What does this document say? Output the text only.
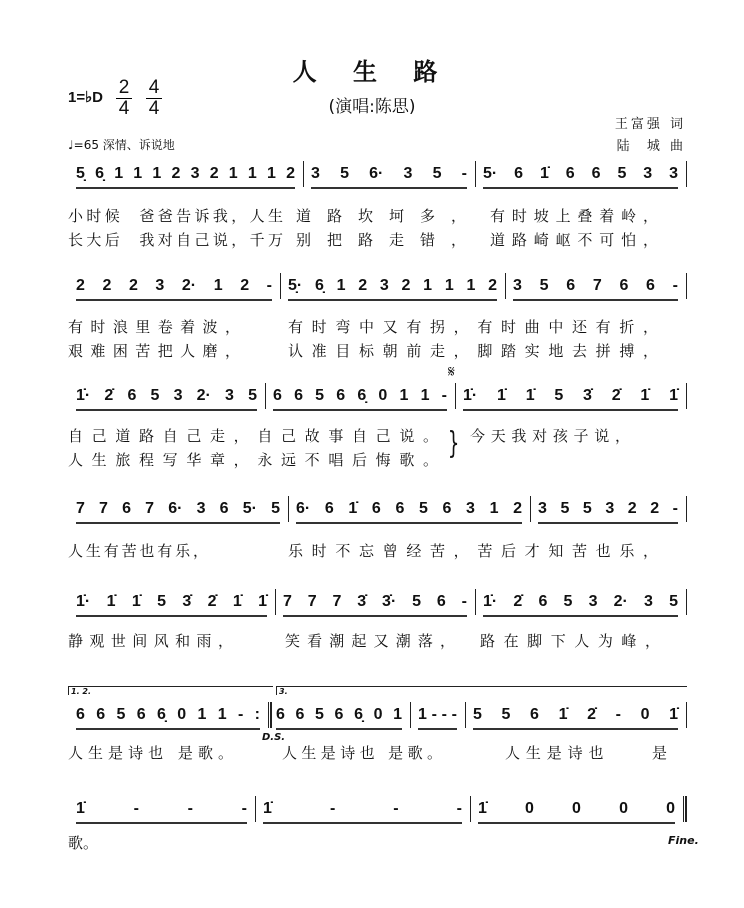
人 生 路
(演唱:陈思)
1=♭D $\frac{2}{4} \frac{4}{4}$
王富强 词
陆  城 曲
♩=65 深情、诉说地
𝄋
D.S.
Fine.
1. 2.	3.
}
5̣ 6̣ 1 1 1 2 3 2 1 1 1 2 3 5 6· 3 5 - 5· 6 1̇ 6 6 5 3 3
小时候  爸爸告诉我，人生 道路坎坷多， 有时坡上叠着岭，
长大后  我对自己说，千万 别把路走错， 道路崎岖不可怕，
2 2 2 3 2· 1 2 - 5̣· 6̣ 1 2 3 2 1 1 1 2 3 5 6 7 6 6 -
有时浪里卷着波，	有时弯中又有拐，有时曲中还有折，
艰难困苦把人磨，	认准目标朝前走，脚踏实地去拼搏，
1̇· 2̇ 6 5 3 2· 3 5 6 6 5 6 6̣ 0 1 1 - 1̇· 1̇ 1̇ 5 3̇ 2̇ 1̇ 1̇
自己道路自己走，自己故事自己说。 今天我对孩子说，
人生旅程写华章，永远不唱后悔歌。
7 7 6 7 6· 3 6 5· 5 6· 6 1̇ 6 6 5 6 3 1 2 3 5 5 3 2 2 -
人生有苦也有乐，	乐时不忘曾经苦，苦后才知苦也乐，
1̇· 1̇ 1̇ 5 3̇ 2̇ 1̇ 1̇ 7 7 7 3̇ 3̇· 5 6 - 1̇· 2̇ 6 5 3 2· 3 5
静观世间风和雨，	笑看潮起又潮落， 路在脚下人为峰，
6 6 5 6 6̣ 0 1 1 - : 6 6 5 6 6̣ 0 1 1 - - - 5 5 6 1̇ 2̇ - 0 1̇
人生是诗也 是歌。	人生是诗也 是歌。	人生是诗也    是
1̇ - - - 1̇ - - - 1̇ 0 0 0 0
歌。
